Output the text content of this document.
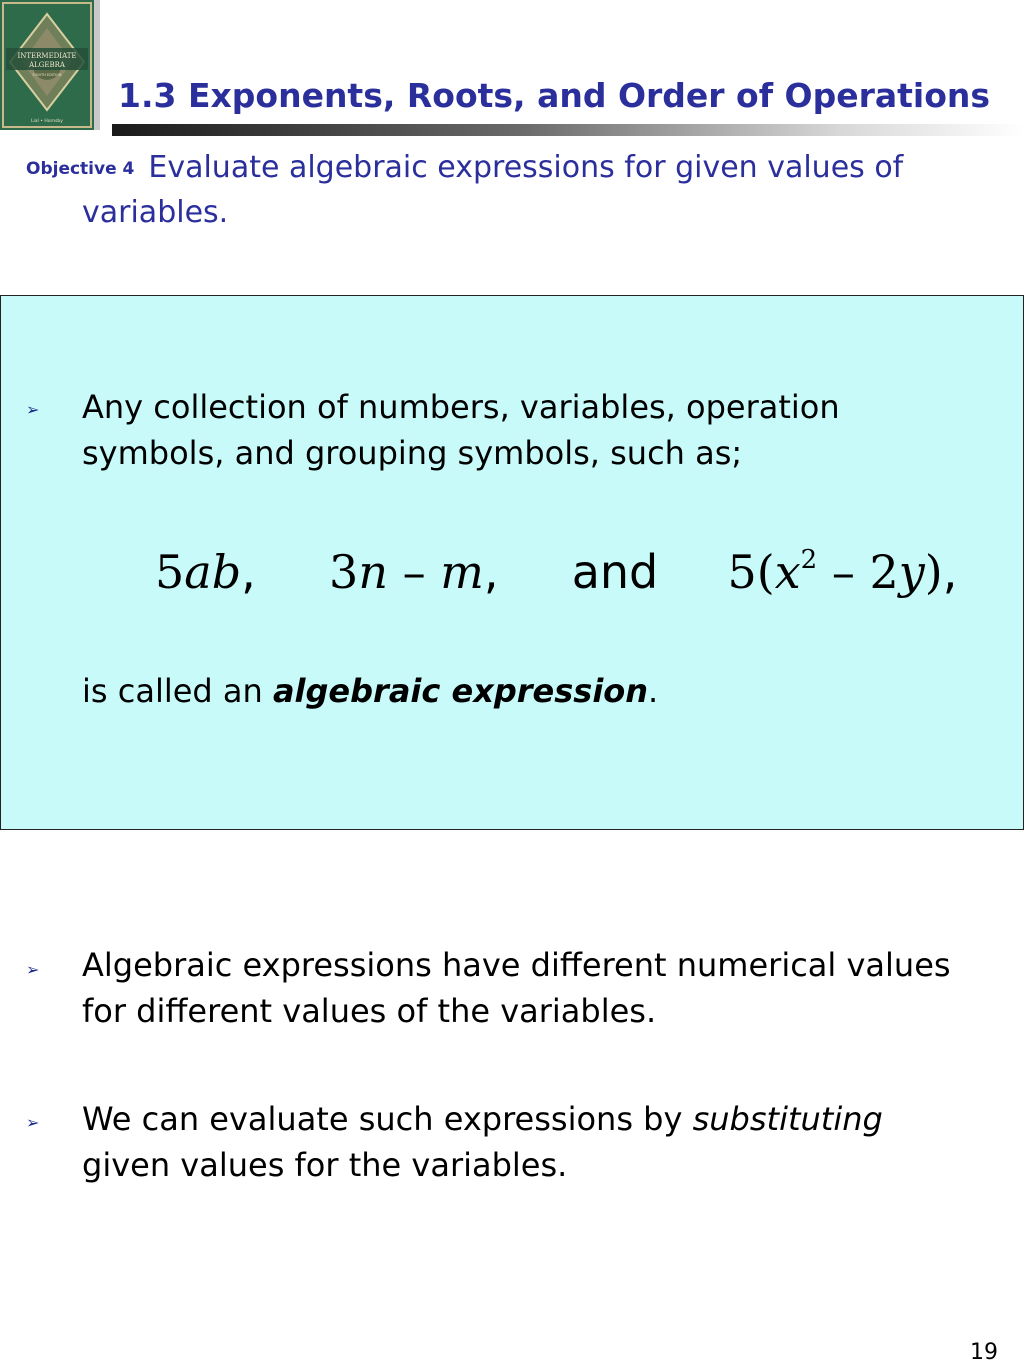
INTERMEDIATE
ALGEBRA
EIGHTH EDITION
Lial • Hornsby
1.3 Exponents, Roots, and Order of Operations
Objective 4 Evaluate algebraic expressions for given values of
variables.
➢ Any collection of numbers, variables, operation
symbols, and grouping symbols, such as;
5ab, 3n – m, and $5(x^2 - 2y)$,
is called an algebraic expression.
➢ Algebraic expressions have different numerical values
for different values of the variables.
➢ We can evaluate such expressions by substituting
given values for the variables.
19
